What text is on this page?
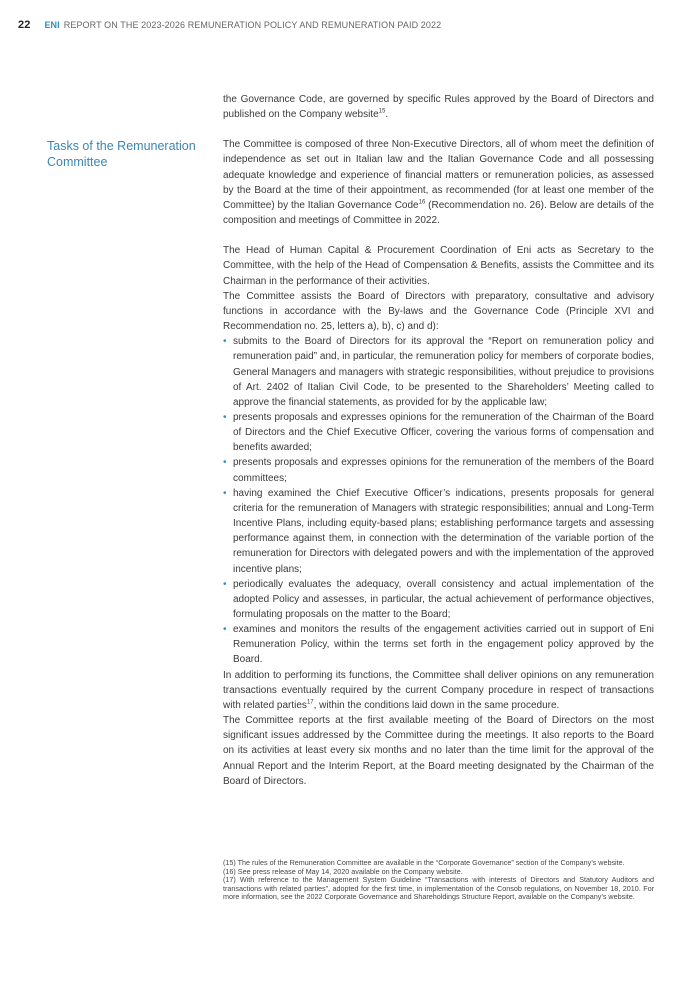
22 ENI REPORT ON THE 2023-2026 REMUNERATION POLICY AND REMUNERATION PAID 2022
Tasks of the Remuneration Committee

the Governance Code, are governed by specific Rules approved by the Board of Directors and published on the Company website$^{15}$.

The Committee is composed of three Non-Executive Directors, all of whom meet the definition of independence as set out in Italian law and the Italian Governance Code and all possessing adequate knowledge and experience of financial matters or remuneration policies, as assessed by the Board at the time of their appointment, as recommended (for at least one member of the Committee) by the Italian Governance Code$^{16}$ (Recommendation no. 26). Below are details of the composition and meetings of Committee in 2022.

The Head of Human Capital & Procurement Coordination of Eni acts as Secretary to the Committee, with the help of the Head of Compensation & Benefits, assists the Committee and its Chairman in the performance of their activities.

The Committee assists the Board of Directors with preparatory, consultative and advisory functions in accordance with the By-laws and the Governance Code (Principle XVI and Recommendation no. 25, letters a), b), c) and d):

• submits to the Board of Directors for its approval the “Report on remuneration policy and remuneration paid” and, in particular, the remuneration policy for members of corporate bodies, General Managers and managers with strategic responsibilities, without prejudice to provisions of Art. 2402 of Italian Civil Code, to be presented to the Shareholders’ Meeting called to approve the financial statements, as provided for by the applicable law;
• presents proposals and expresses opinions for the remuneration of the Chairman of the Board of Directors and the Chief Executive Officer, covering the various forms of compensation and benefits awarded;
• presents proposals and expresses opinions for the remuneration of the members of the Board committees;
• having examined the Chief Executive Officer’s indications, presents proposals for general criteria for the remuneration of Managers with strategic responsibilities; annual and Long-Term Incentive Plans, including equity-based plans; establishing performance targets and assessing performance against them, in connection with the determination of the variable portion of the remuneration for Directors with delegated powers and with the implementation of the approved incentive plans;
• periodically evaluates the adequacy, overall consistency and actual implementation of the adopted Policy and assesses, in particular, the actual achievement of performance objectives, formulating proposals on the matter to the Board;
• examines and monitors the results of the engagement activities carried out in support of Eni Remuneration Policy, within the terms set forth in the engagement policy approved by the Board.

In addition to performing its functions, the Committee shall deliver opinions on any remuneration transactions eventually required by the current Company procedure in respect of transactions with related parties$^{17}$, within the conditions laid down in the same procedure.

The Committee reports at the first available meeting of the Board of Directors on the most significant issues addressed by the Committee during the meetings. It also reports to the Board on its activities at least every six months and no later than the time limit for the approval of the Annual Report and the Interim Report, at the Board meeting designated by the Chairman of the Board of Directors.

(15) The rules of the Remuneration Committee are available in the “Corporate Governance” section of the Company’s website.

(16) See press release of May 14, 2020 available on the Company website.

(17) With reference to the Management System Guideline “Transactions with interests of Directors and Statutory Auditors and transactions with related parties”, adopted for the first time, in implementation of the Consob regulations, on November 18, 2010. For more information, see the 2022 Corporate Governance and Shareholdings Structure Report, available on the Company’s website.
